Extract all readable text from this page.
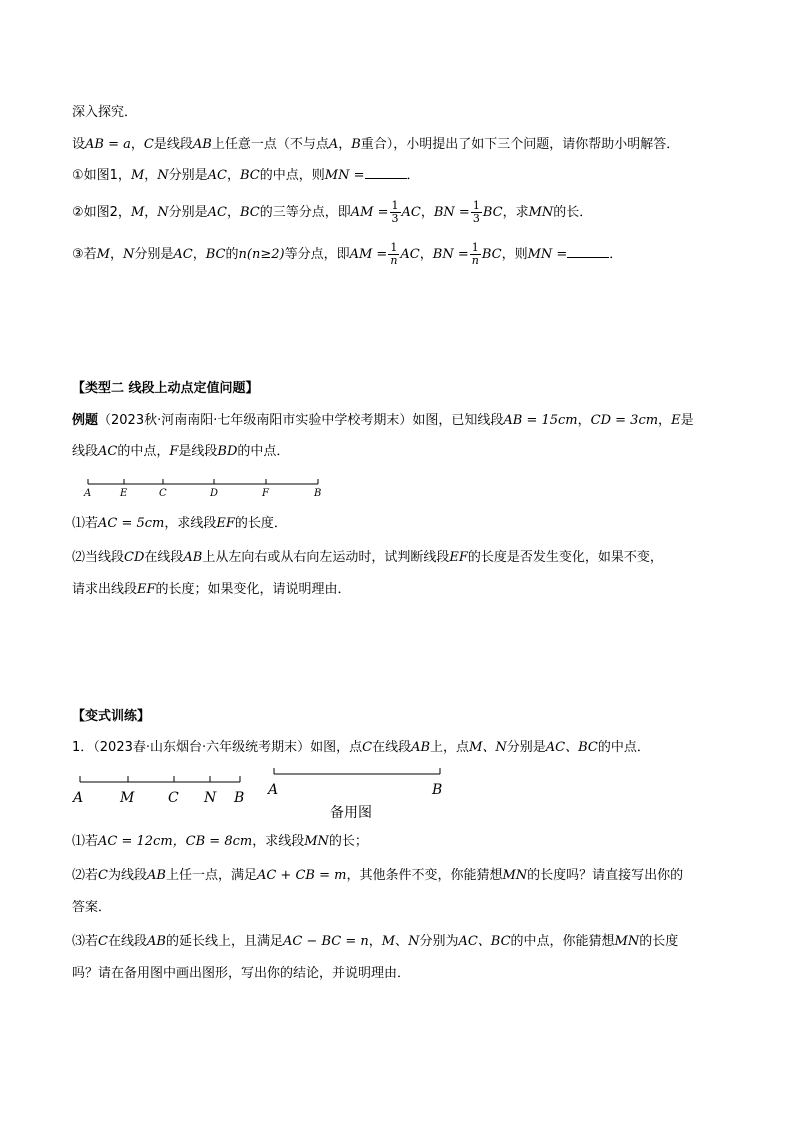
深入探究．
设AB = a，C是线段AB上任意一点（不与点A，B重合），小明提出了如下三个问题，请你帮助小明解答．
①如图1，M，N分别是AC，BC的中点，则MN =	．
②如图2，M，N分别是AC，BC的三等分点，即AM = $\frac{1}{3}$ AC，BN = $\frac{1}{3}$ BC，求MN的长．
③若M，N分别是AC，BC的n(n≥2)等分点，即AM = $\frac{1}{n}$ AC，BN = $\frac{1}{n}$ BC，则MN =	．
【类型二 线段上动点定值问题】
例题（2023秋·河南南阳·七年级南阳市实验中学校考期末）如图，已知线段AB = 15cm，CD = 3cm，E是
线段AC的中点，F是线段BD的中点．
A	E	C	D	F	B
⑴若AC = 5cm，求线段EF的长度．
⑵当线段CD在线段AB上从左向右或从右向左运动时，试判断线段EF的长度是否发生变化，如果不变，
请求出线段EF的长度；如果变化，请说明理由．
【变式训练】
1．（2023春·山东烟台·六年级统考期末）如图，点C在线段AB上，点M、N分别是AC、BC的中点．
A	M C N B A	B
备用图
⑴若AC = 12cm，CB = 8cm，求线段MN的长；
⑵若C为线段AB上任一点，满足AC + CB = m，其他条件不变，你能猜想MN的长度吗？请直接写出你的
答案．
⑶若C在线段AB的延长线上，且满足AC − BC = n，M、N分别为AC、BC的中点，你能猜想MN的长度
吗？请在备用图中画出图形，写出你的结论，并说明理由．
